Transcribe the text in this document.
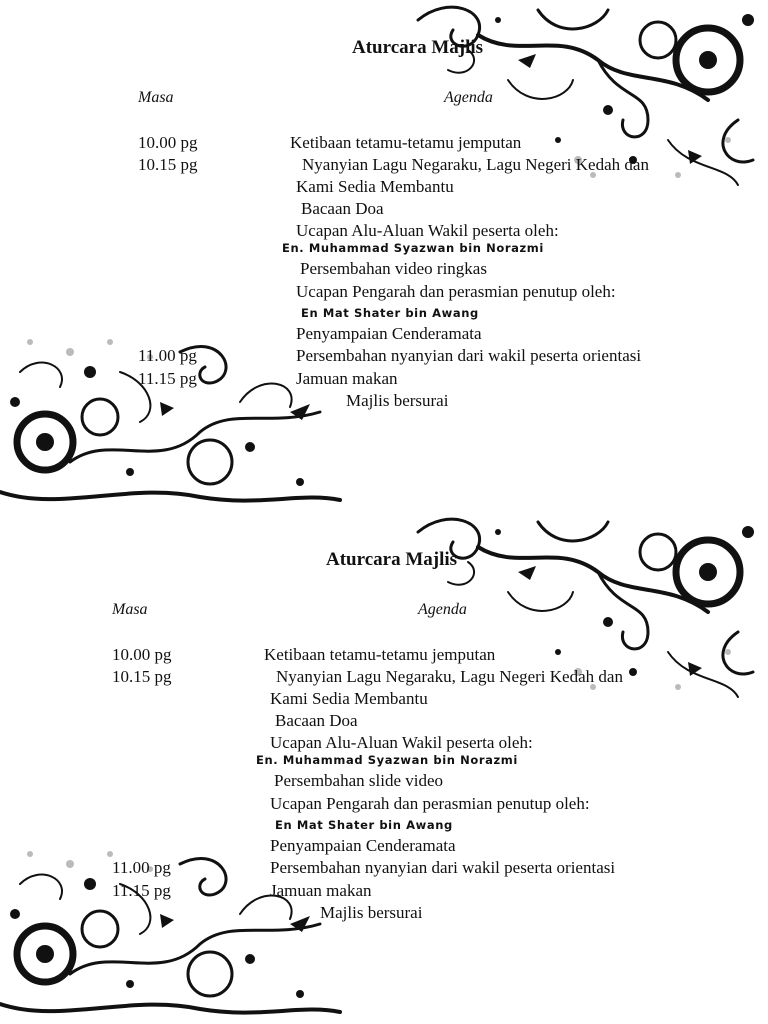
Aturcara Majlis
Masa	Agenda
10.00 pg
10.15 pg
11.00 pg
11.15 pg
Ketibaan tetamu-tetamu jemputan
Nyanyian Lagu Negaraku, Lagu Negeri Kedah dan
Kami Sedia Membantu
Bacaan Doa
Ucapan Alu-Aluan Wakil peserta oleh:
En. Muhammad Syazwan bin Norazmi
Persembahan video ringkas
Ucapan Pengarah dan perasmian penutup oleh:
En Mat Shater bin Awang
Penyampaian Cenderamata
Persembahan nyanyian dari wakil peserta orientasi
Jamuan makan
Majlis bersurai
Aturcara Majlis
Masa	Agenda
10.00 pg
10.15 pg
11.00 pg
11.15 pg
Ketibaan tetamu-tetamu jemputan
Nyanyian Lagu Negaraku, Lagu Negeri Kedah dan
Kami Sedia Membantu
Bacaan Doa
Ucapan Alu-Aluan Wakil peserta oleh:
En. Muhammad Syazwan bin Norazmi
Persembahan slide video
Ucapan Pengarah dan perasmian penutup oleh:
En Mat Shater bin Awang
Penyampaian Cenderamata
Persembahan nyanyian dari wakil peserta orientasi
Jamuan makan
Majlis bersurai
